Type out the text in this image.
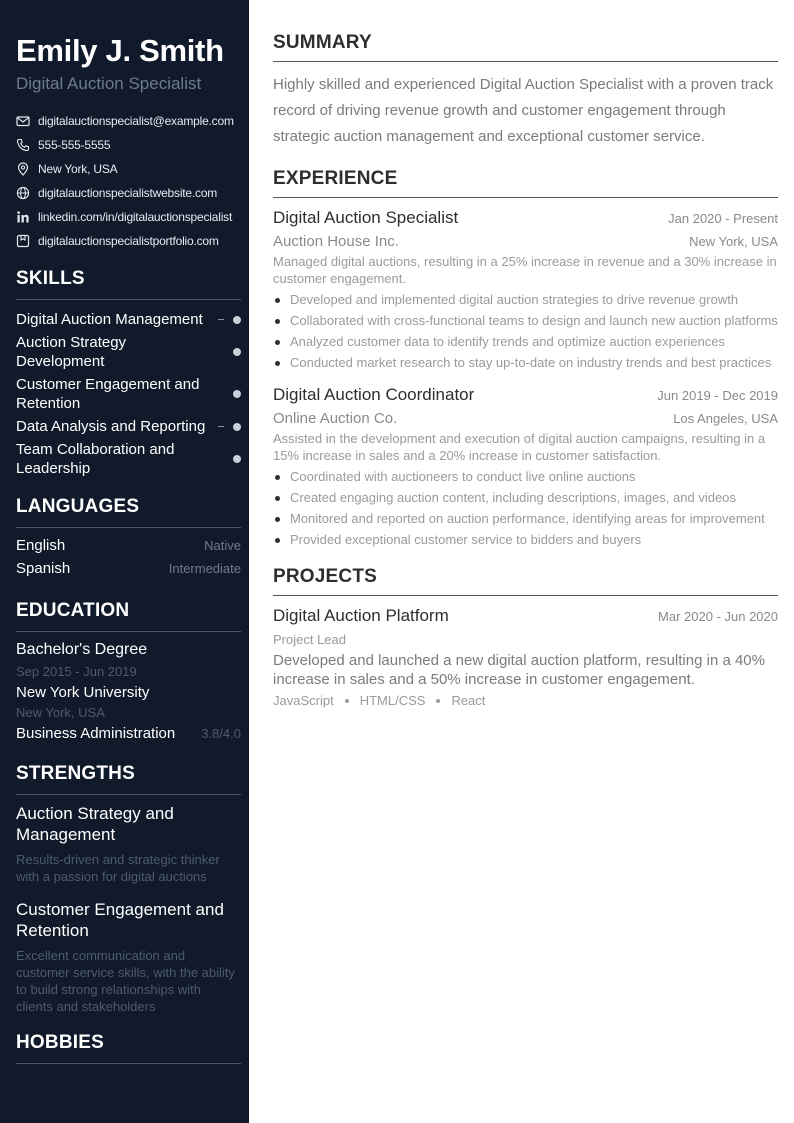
Emily J. Smith
Digital Auction Specialist
digitalauctionspecialist@example.com
555-555-5555
New York, USA
digitalauctionspecialistwebsite.com
linkedin.com/in/digitalauctionspecialist
digitalauctionspecialistportfolio.com
SKILLS
Digital Auction Management
Auction Strategy Development
Customer Engagement and Retention
Data Analysis and Reporting
Team Collaboration and Leadership
LANGUAGES
English	Native
Spanish	Intermediate
EDUCATION
Bachelor's Degree
Sep 2015 - Jun 2019
New York University
New York, USA
Business Administration 3.8/4.0
STRENGTHS
Auction Strategy and Management
Results-driven and strategic thinker with a passion for digital auctions
Customer Engagement and Retention
Excellent communication and customer service skills, with the ability to build strong relationships with clients and stakeholders
HOBBIES
SUMMARY

Highly skilled and experienced Digital Auction Specialist with a proven track record of driving revenue growth and customer engagement through strategic auction management and exceptional customer service.

EXPERIENCE
Digital Auction Specialist	Jan 2020 - Present
Auction House Inc.	New York, USA

Managed digital auctions, resulting in a 25% increase in revenue and a 30% increase in customer engagement.

Developed and implemented digital auction strategies to drive revenue growth
Collaborated with cross-functional teams to design and launch new auction platforms
Analyzed customer data to identify trends and optimize auction experiences
Conducted market research to stay up-to-date on industry trends and best practices
Digital Auction Coordinator	Jun 2019 - Dec 2019
Online Auction Co.	Los Angeles, USA

Assisted in the development and execution of digital auction campaigns, resulting in a 15% increase in sales and a 20% increase in customer satisfaction.

Coordinated with auctioneers to conduct live online auctions
Created engaging auction content, including descriptions, images, and videos
Monitored and reported on auction performance, identifying areas for improvement
Provided exceptional customer service to bidders and buyers
PROJECTS
Digital Auction Platform	Mar 2020 - Jun 2020
Project Lead

Developed and launched a new digital auction platform, resulting in a 40% increase in sales and a 50% increase in customer engagement.

JavaScript HTML/CSS React
